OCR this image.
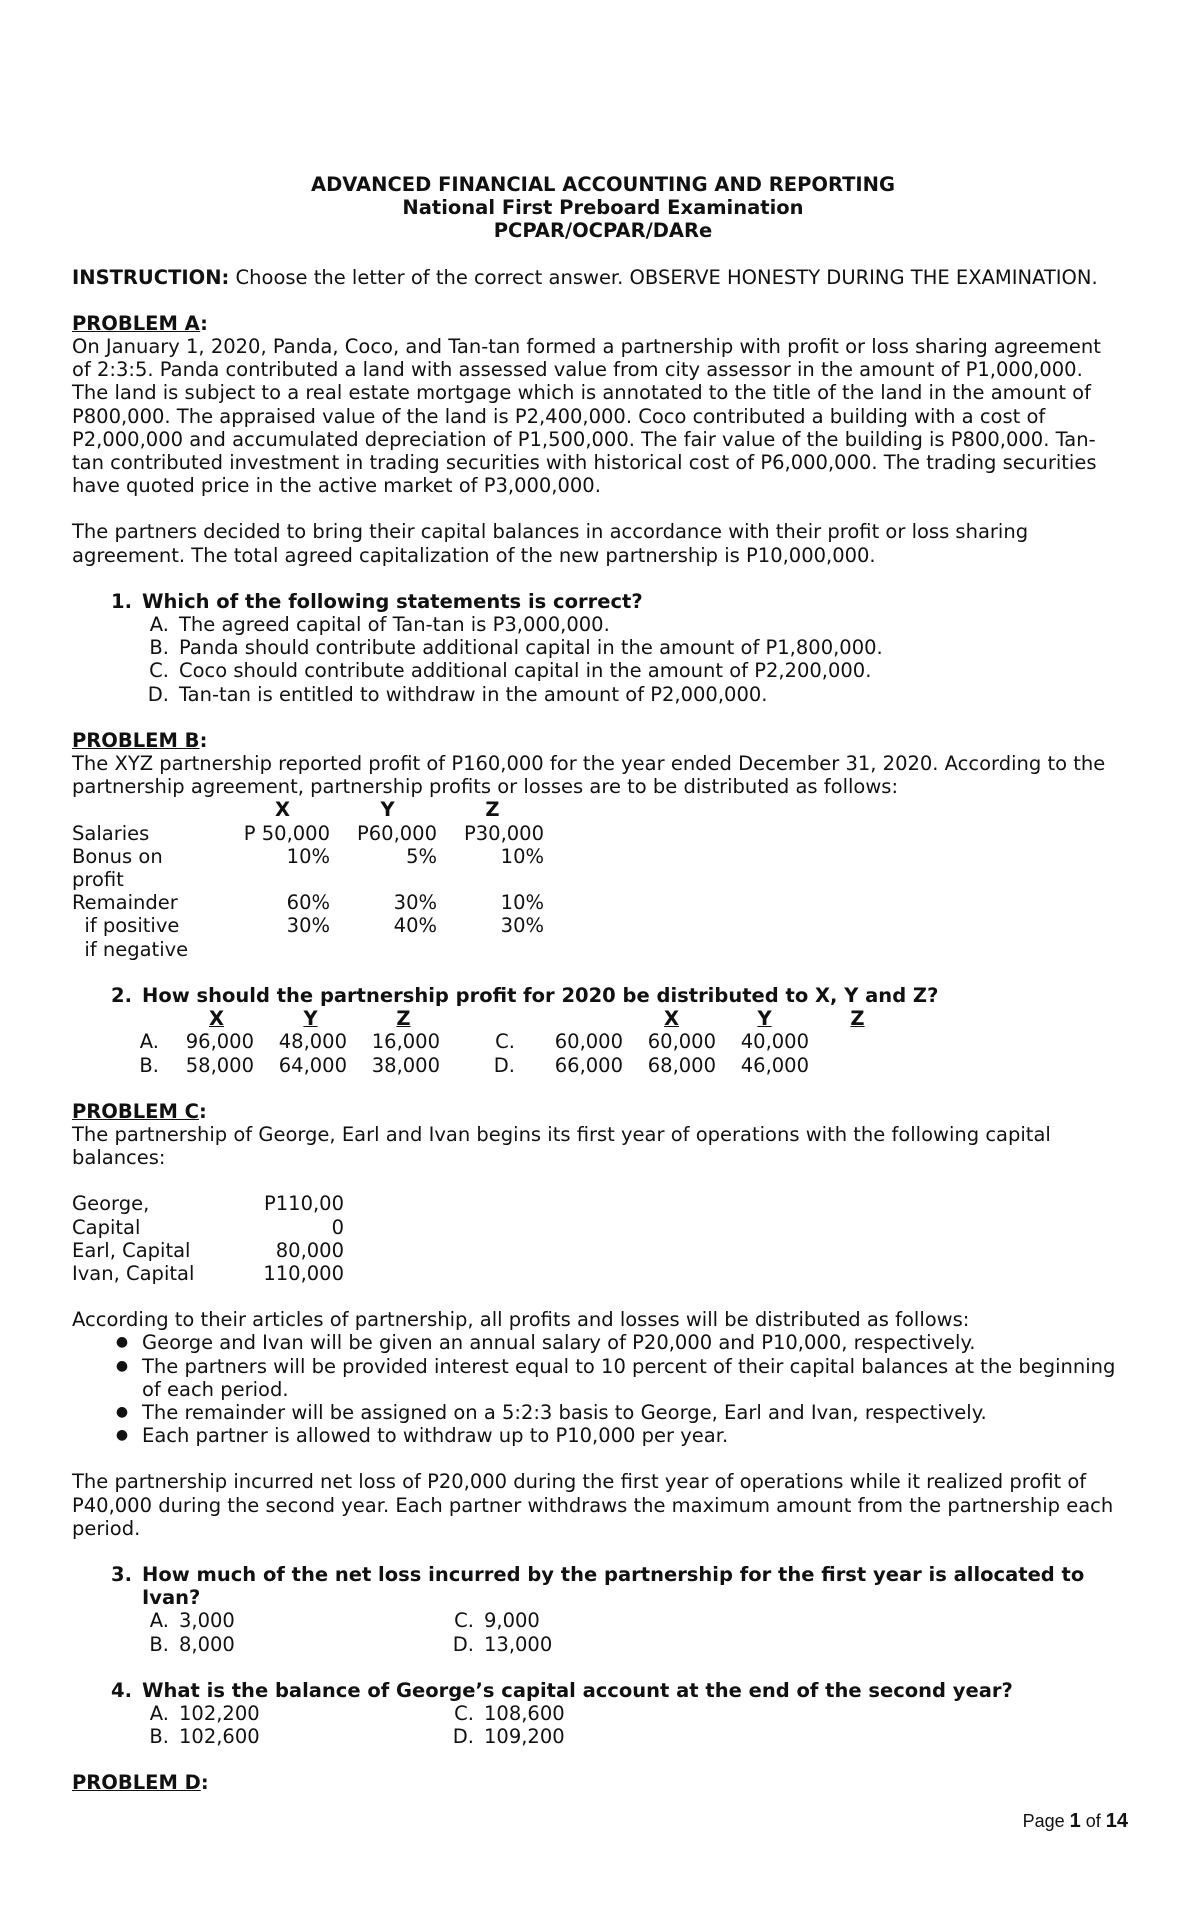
ADVANCED FINANCIAL ACCOUNTING AND REPORTING
National First Preboard Examination
PCPAR/OCPAR/DARe
INSTRUCTION: Choose the letter of the correct answer. OBSERVE HONESTY DURING THE EXAMINATION.
PROBLEM A:
On January 1, 2020, Panda, Coco, and Tan-tan formed a partnership with profit or loss sharing agreement
of 2:3:5. Panda contributed a land with assessed value from city assessor in the amount of P1,000,000.
The land is subject to a real estate mortgage which is annotated to the title of the land in the amount of
P800,000. The appraised value of the land is P2,400,000. Coco contributed a building with a cost of
P2,000,000 and accumulated depreciation of P1,500,000. The fair value of the building is P800,000. Tan-
tan contributed investment in trading securities with historical cost of P6,000,000. The trading securities
have quoted price in the active market of P3,000,000.
The partners decided to bring their capital balances in accordance with their profit or loss sharing
agreement. The total agreed capitalization of the new partnership is P10,000,000.
1. Which of the following statements is correct?
A. The agreed capital of Tan-tan is P3,000,000.
B. Panda should contribute additional capital in the amount of P1,800,000.
C. Coco should contribute additional capital in the amount of P2,200,000.
D. Tan-tan is entitled to withdraw in the amount of P2,000,000.
PROBLEM B:
The XYZ partnership reported profit of P160,000 for the year ended December 31, 2020. According to the
partnership agreement, partnership profits or losses are to be distributed as follows:
X	Y	Z
Salaries	P 50,000	P60,000	P30,000
Bonus on	10%	5%	10%
profit
Remainder	60%	30%	10%
if positive	30%	40%	30%
if negative
2. How should the partnership profit for 2020 be distributed to X, Y and Z?
X	Y	Z	X	Y	Z
A.	96,000	48,000	16,000	C.	60,000	60,000	40,000
B.	58,000	64,000	38,000	D.	66,000	68,000	46,000
PROBLEM C:
The partnership of George, Earl and Ivan begins its first year of operations with the following capital
balances:
George,	P110,00
Capital	0
Earl, Capital	80,000
Ivan, Capital	110,000
According to their articles of partnership, all profits and losses will be distributed as follows:
● George and Ivan will be given an annual salary of P20,000 and P10,000, respectively.
● The partners will be provided interest equal to 10 percent of their capital balances at the beginning
of each period.
● The remainder will be assigned on a 5:2:3 basis to George, Earl and Ivan, respectively.
● Each partner is allowed to withdraw up to P10,000 per year.
The partnership incurred net loss of P20,000 during the first year of operations while it realized profit of
P40,000 during the second year. Each partner withdraws the maximum amount from the partnership each
period.
3. How much of the net loss incurred by the partnership for the first year is allocated to
Ivan?
A. 3,000	C. 9,000
B. 8,000	D. 13,000
4. What is the balance of George’s capital account at the end of the second year?
A. 102,200	C. 108,600
B. 102,600	D. 109,200
PROBLEM D:
Page 1 of 14
